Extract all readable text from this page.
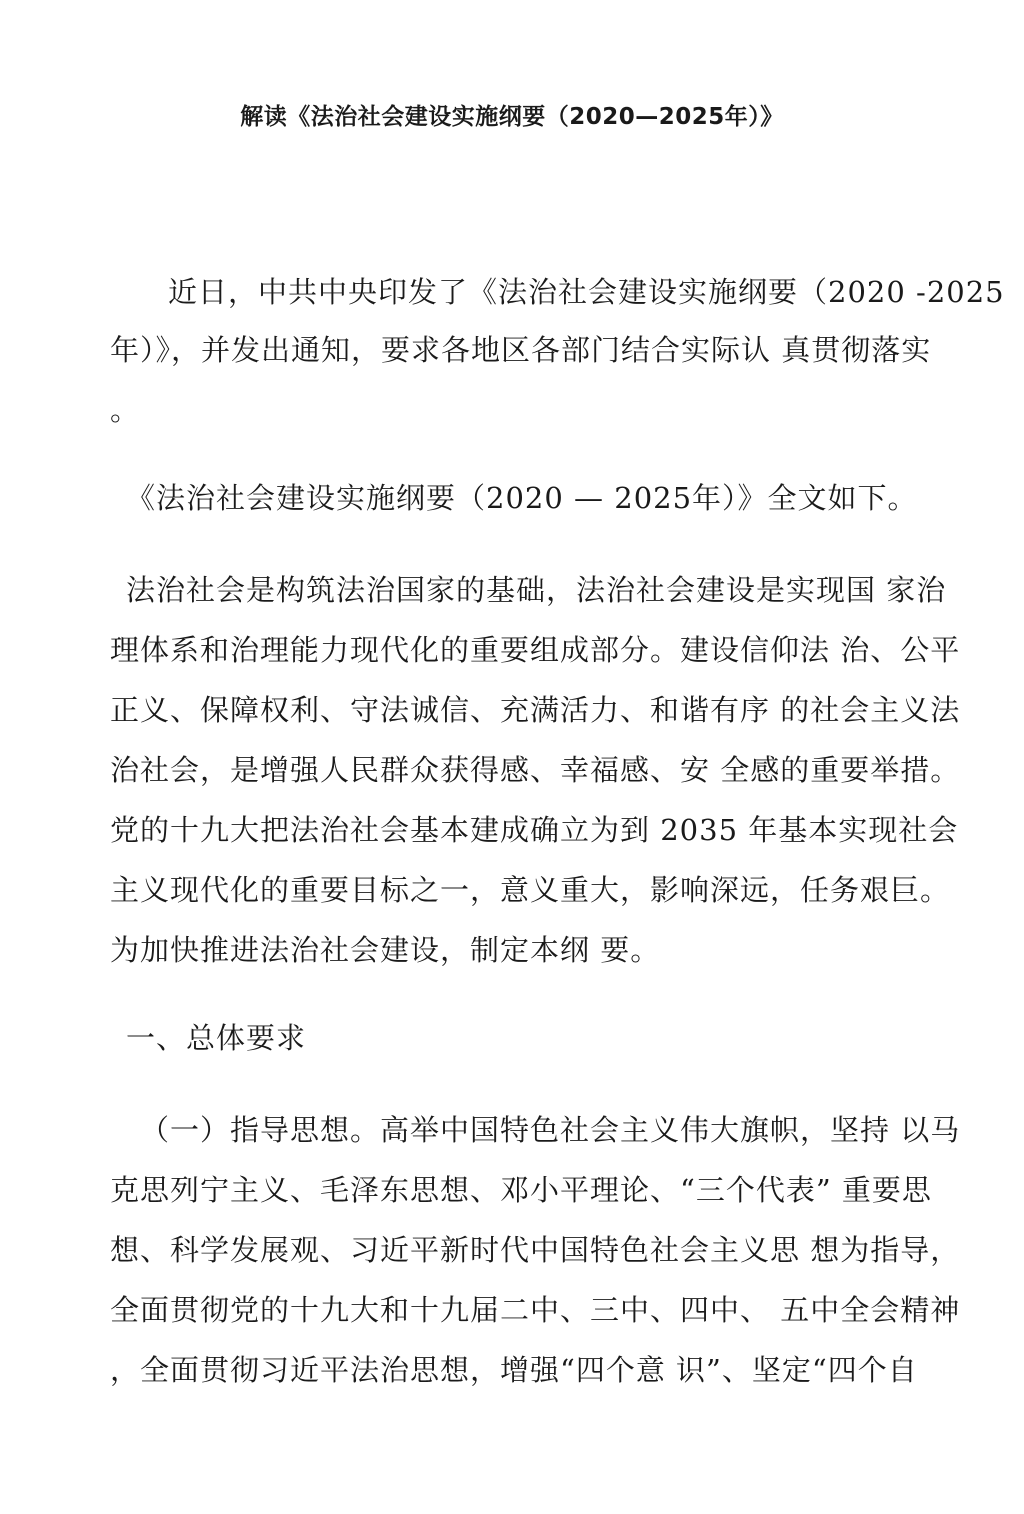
解读《法治社会建设实施纲要（2020—2025年）》
近日，中共中央印发了《法治社会建设实施纲要（2020 -2025
年）》，并发出通知，要求各地区各部门结合实际认 真贯彻落实
。
《法治社会建设实施纲要（2020 — 2025年）》全文如下。
法治社会是构筑法治国家的基础，法治社会建设是实现国 家治
理体系和治理能力现代化的重要组成部分。建设信仰法 治、公平
正义、保障权利、守法诚信、充满活力、和谐有序 的社会主义法
治社会，是增强人民群众获得感、幸福感、安 全感的重要举措。
党的十九大把法治社会基本建成确立为到 2035 年基本实现社会
主义现代化的重要目标之一，意义重大，影响深远，任务艰巨。
为加快推进法治社会建设，制定本纲 要。
一、总体要求
（一）指导思想。高举中国特色社会主义伟大旗帜，坚持 以马
克思列宁主义、毛泽东思想、邓小平理论、“三个代表” 重要思
想、科学发展观、习近平新时代中国特色社会主义思 想为指导，
全面贯彻党的十九大和十九届二中、三中、四中、 五中全会精神
，全面贯彻习近平法治思想，增强“四个意 识”、坚定“四个自
